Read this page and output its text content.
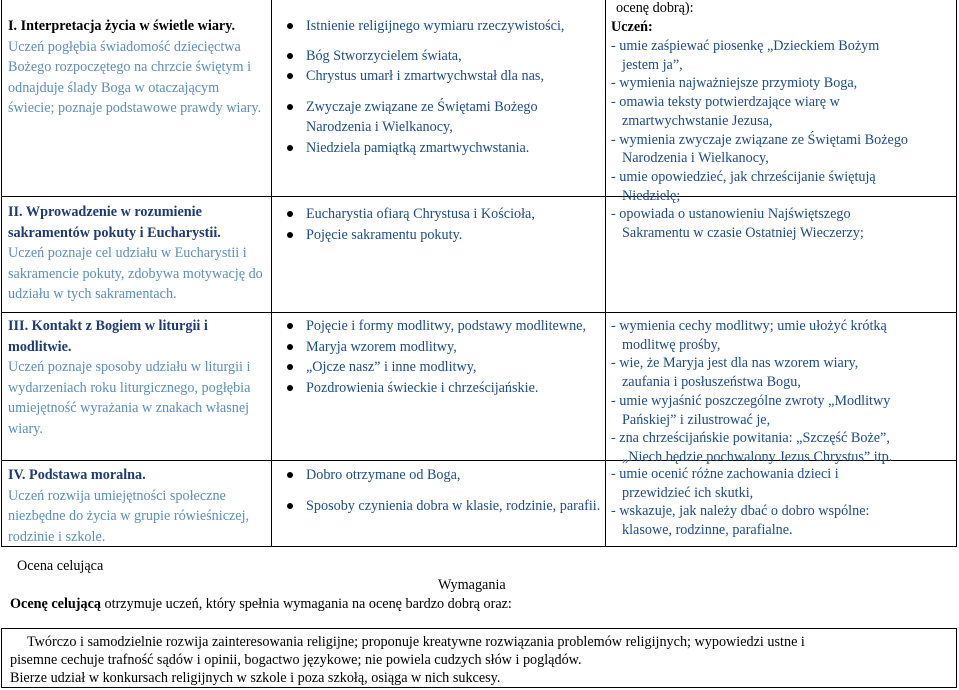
I. Interpretacja życia w świetle wiary.
Uczeń pogłębia świadomość dziecięctwa Bożego rozpoczętego na chrzcie świętym i odnajduje ślady Boga w otaczającym świecie; poznaje podstawowe prawdy wiary.
II. Wprowadzenie w rozumienie sakramentów pokuty i Eucharystii.
Uczeń poznaje cel udziału w Eucharystii i sakramencie pokuty, zdobywa motywację do udziału w tych sakramentach.
III. Kontakt z Bogiem w liturgii i modlitwie.
Uczeń poznaje sposoby udziału w liturgii i wydarzeniach roku liturgicznego, pogłębia umiejętność wyrażania w znakach własnej wiary.
IV. Podstawa moralna.
Uczeń rozwija umiejętności społeczne niezbędne do życia w grupie rówieśniczej, rodzinie i szkole.
Istnienie religijnego wymiaru rzeczywistości,
Bóg Stworzycielem świata,
Chrystus umarł i zmartwychwstał dla nas,
Zwyczaje związane ze Świętami Bożego Narodzenia i Wielkanocy,
Niedziela pamiątką zmartwychwstania.
Eucharystia ofiarą Chrystusa i Kościoła,
Pojęcie sakramentu pokuty.
Pojęcie i formy modlitwy, podstawy modlitewne,
Maryja wzorem modlitwy,
„Ojcze nasz” i inne modlitwy,
Pozdrowienia świeckie i chrześcijańskie.
Dobro otrzymane od Boga,
Sposoby czynienia dobra w klasie, rodzinie, parafii.
ocenę dobrą):
Uczeń:
- umie zaśpiewać piosenkę „Dzieckiem Bożym
jestem ja”,
- wymienia najważniejsze przymioty Boga,
- omawia teksty potwierdzające wiarę w
zmartwychwstanie Jezusa,
- wymienia zwyczaje związane ze Świętami Bożego
Narodzenia i Wielkanocy,
- umie opowiedzieć, jak chrześcijanie świętują
Niedzielę;
- opowiada o ustanowieniu Najświętszego
Sakramentu w czasie Ostatniej Wieczerzy;
- wymienia cechy modlitwy; umie ułożyć krótką
modlitwę prośby,
- wie, że Maryja jest dla nas wzorem wiary,
zaufania i posłuszeństwa Bogu,
- umie wyjaśnić poszczególne zwroty „Modlitwy
Pańskiej” i zilustrować je,
- zna chrześcijańskie powitania: „Szczęść Boże”,
„Niech będzie pochwalony Jezus Chrystus” itp.
- umie ocenić różne zachowania dzieci i
przewidzieć ich skutki,
- wskazuje, jak należy dbać o dobro wspólne:
klasowe, rodzinne, parafialne.
Ocena celująca
Wymagania
Ocenę celującą otrzymuje uczeń, który spełnia wymagania na ocenę bardzo dobrą oraz:
Twórczo i samodzielnie rozwija zainteresowania religijne; proponuje kreatywne rozwiązania problemów religijnych; wypowiedzi ustne i
pisemne cechuje trafność sądów i opinii, bogactwo językowe; nie powiela cudzych słów i poglądów.
Bierze udział w konkursach religijnych w szkole i poza szkołą, osiąga w nich sukcesy.
